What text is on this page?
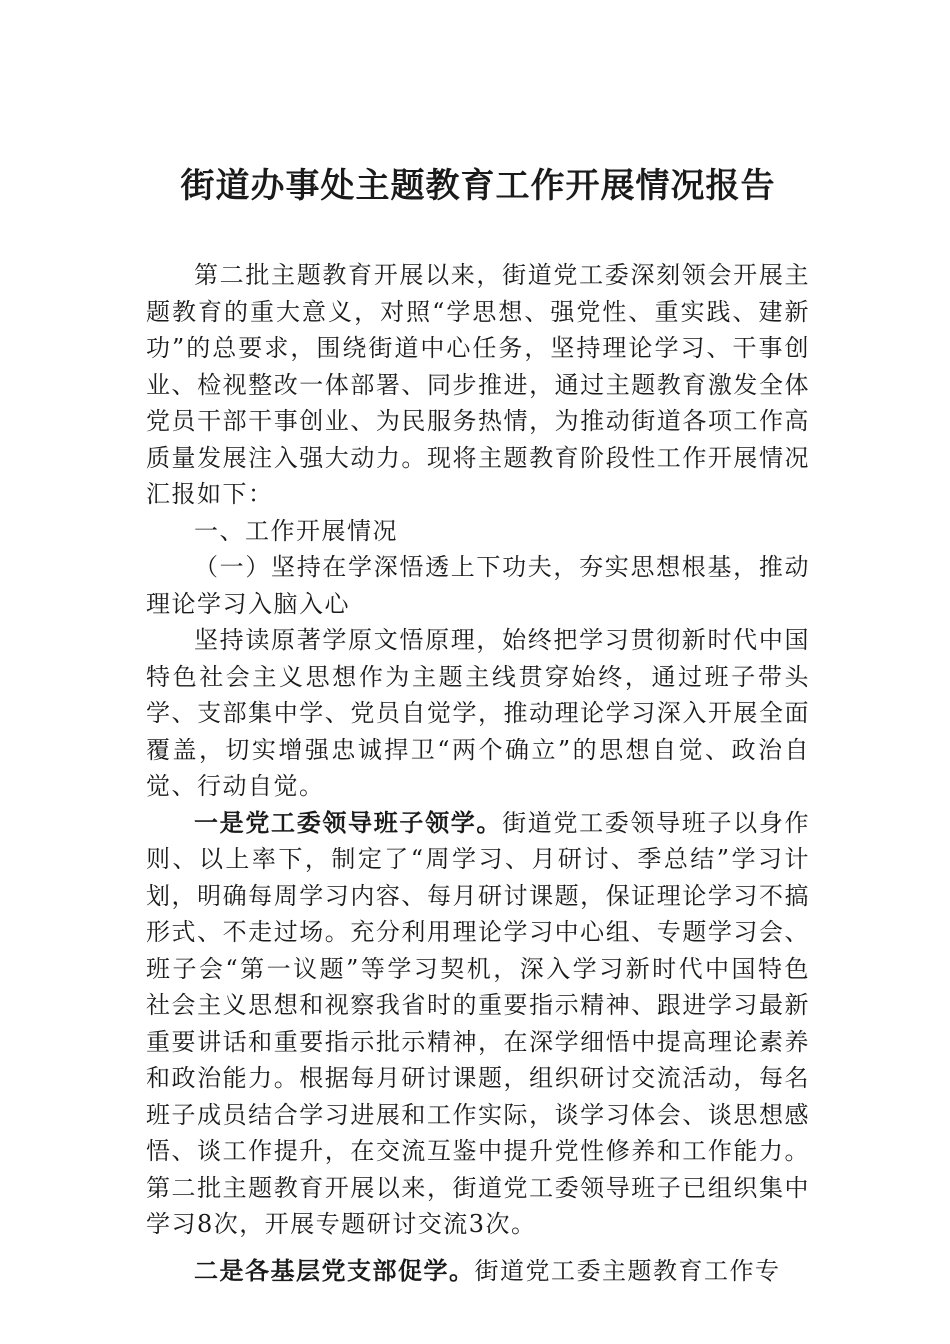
街道办事处主题教育工作开展情况报告

第二批主题教育开展以来，街道党工委深刻领会开展主题教育的重大意义，对照“学思想、强党性、重实践、建新功”的总要求，围绕街道中心任务，坚持理论学习、干事创业、检视整改一体部署、同步推进，通过主题教育激发全体党员干部干事创业、为民服务热情，为推动街道各项工作高质量发展注入强大动力。现将主题教育阶段性工作开展情况汇报如下：

一、工作开展情况

（一）坚持在学深悟透上下功夫，夯实思想根基，推动理论学习入脑入心

坚持读原著学原文悟原理，始终把学习贯彻新时代中国特色社会主义思想作为主题主线贯穿始终，通过班子带头学、支部集中学、党员自觉学，推动理论学习深入开展全面覆盖，切实增强忠诚捍卫“两个确立”的思想自觉、政治自觉、行动自觉。

一是党工委领导班子领学。街道党工委领导班子以身作则、以上率下，制定了“周学习、月研讨、季总结”学习计划，明确每周学习内容、每月研讨课题，保证理论学习不搞形式、不走过场。充分利用理论学习中心组、专题学习会、班子会“第一议题”等学习契机，深入学习新时代中国特色社会主义思想和视察我省时的重要指示精神、跟进学习最新重要讲话和重要指示批示精神，在深学细悟中提高理论素养和政治能力。根据每月研讨课题，组织研讨交流活动，每名班子成员结合学习进展和工作实际，谈学习体会、谈思想感悟、谈工作提升，在交流互鉴中提升党性修养和工作能力。第二批主题教育开展以来，街道党工委领导班子已组织集中学习8次，开展专题研讨交流3次。

二是各基层党支部促学。街道党工委主题教育工作专
